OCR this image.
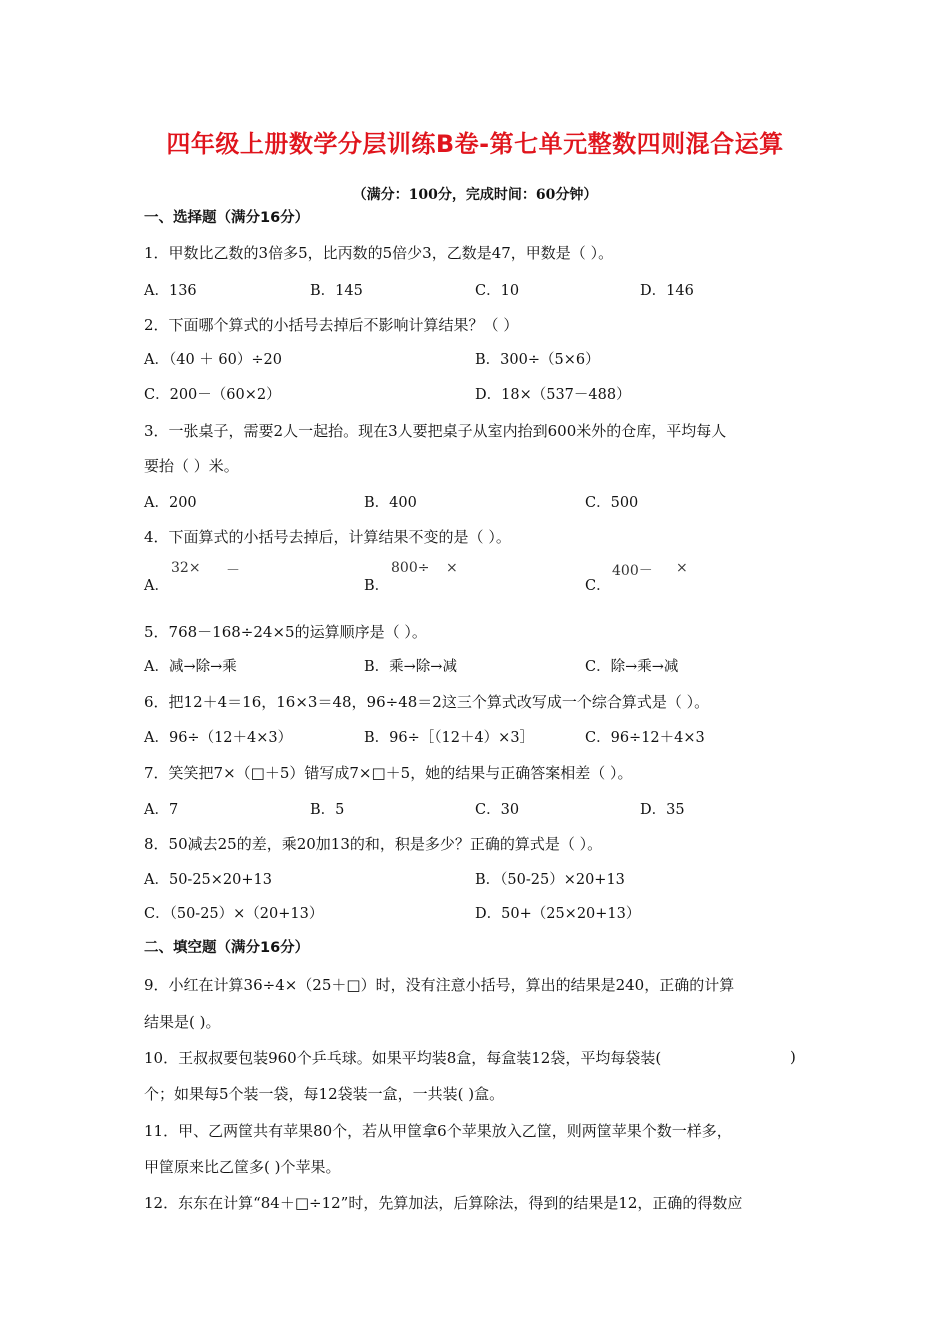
四年级上册数学分层训练B卷-第七单元整数四则混合运算
（满分：100分，完成时间：60分钟）
一、选择题（满分16分）
1．甲数比乙数的3倍多5，比丙数的5倍少3，乙数是47，甲数是（ ）。
A．136	B．145	C．10	D．146
2．下面哪个算式的小括号去掉后不影响计算结果？（ ）
A．（40 ＋ 60）÷20	B．300÷（5×6）
C．200－（60×2）	D．18×（537－488）
3．一张桌子，需要2人一起抬。现在3人要把桌子从室内抬到600米外的仓库，平均每人
要抬（ ）米。
A．200	B．400	C．500
4．下面算式的小括号去掉后，计算结果不变的是（ ）。
32× －	800÷ ×	400－ ×
A．	B．	C．
5．768－168÷24×5的运算顺序是（ ）。
A．减→除→乘	B．乘→除→减	C．除→乘→减
6．把12＋4＝16，16×3＝48，96÷48＝2这三个算式改写成一个综合算式是（ ）。
A．96÷（12＋4×3）	B．96÷［（12＋4）×3］	C．96÷12＋4×3
7．笑笑把7×（□＋5）错写成7×□＋5，她的结果与正确答案相差（ ）。
A．7	B．5	C．30	D．35
8．50减去25的差，乘20加13的和，积是多少？正确的算式是（ ）。
A．50-25×20+13	B．（50-25）×20+13
C．（50-25）×（20+13）	D．50+（25×20+13）
二、填空题（满分16分）
9．小红在计算36÷4×（25＋□）时，没有注意小括号，算出的结果是240，正确的计算
结果是( )。
10．王叔叔要包装960个乒乓球。如果平均装8盒，每盒装12袋，平均每袋装(	)
个；如果每5个装一袋，每12袋装一盒，一共装( )盒。
11．甲、乙两筐共有苹果80个，若从甲筐拿6个苹果放入乙筐，则两筐苹果个数一样多，
甲筐原来比乙筐多( )个苹果。
12．东东在计算“84＋□÷12”时，先算加法，后算除法，得到的结果是12，正确的得数应
